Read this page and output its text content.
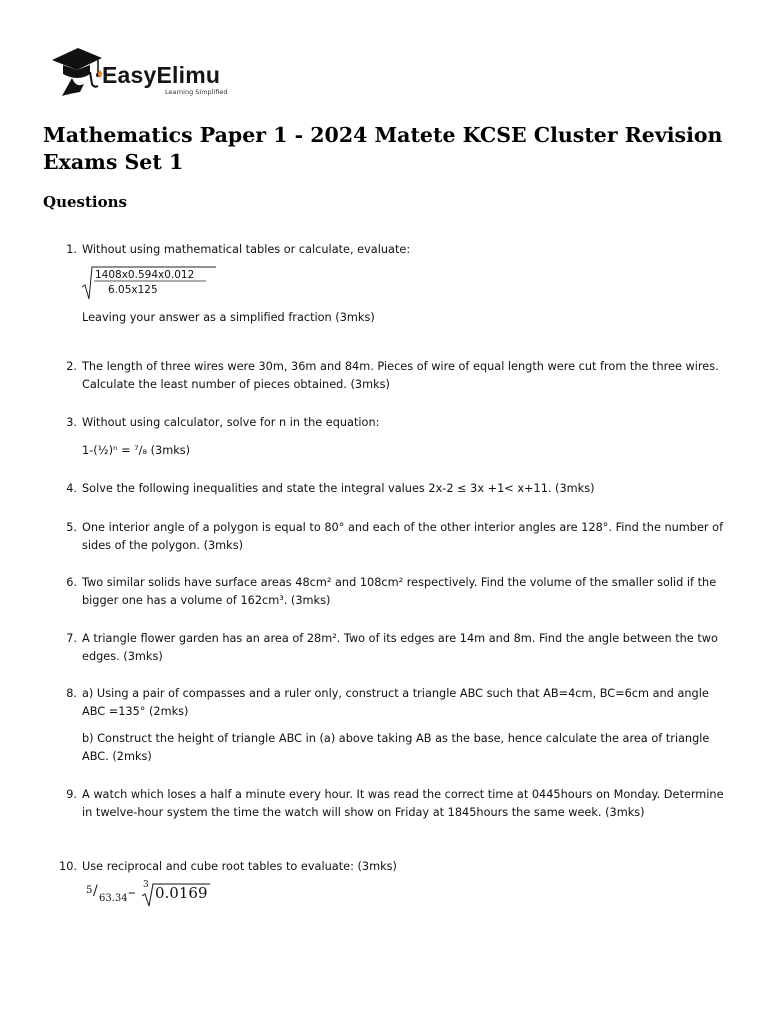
EasyElimu
Learning Simplified
Mathematics Paper 1 - 2024 Matete KCSE Cluster Revision Exams Set 1
Questions
1. Without using mathematical tables or calculate, evaluate:

1408x0.594x0.012
6.05x125

Leaving your answer as a simplified fraction (3mks)

2. The length of three wires were 30m, 36m and 84m. Pieces of wire of equal length were cut from the three wires. Calculate the least number of pieces obtained. (3mks)

3. Without using calculator, solve for n in the equation:

1-(½)ⁿ = ⁷/₈ (3mks)

4. Solve the following inequalities and state the integral values 2x-2 ≤ 3x +1< x+11. (3mks)

5. One interior angle of a polygon is equal to 80° and each of the other interior angles are 128°. Find the number of sides of the polygon. (3mks)

6. Two similar solids have surface areas 48cm² and 108cm² respectively. Find the volume of the smaller solid if the bigger one has a volume of 162cm³. (3mks)

7. A triangle flower garden has an area of 28m². Two of its edges are 14m and 8m. Find the angle between the two edges. (3mks)

8. a) Using a pair of compasses and a ruler only, construct a triangle ABC such that AB=4cm, BC=6cm and angle ABC =135° (2mks)

b) Construct the height of triangle ABC in (a) above taking AB as the base, hence calculate the area of triangle ABC. (2mks)

9. A watch which loses a half a minute every hour. It was read the correct time at 0445hours on Monday. Determine in twelve-hour system the time the watch will show on Friday at 1845hours the same week. (3mks)

10. Use reciprocal and cube root tables to evaluate: (3mks)

5 / 63.34 – 3 0.0169
